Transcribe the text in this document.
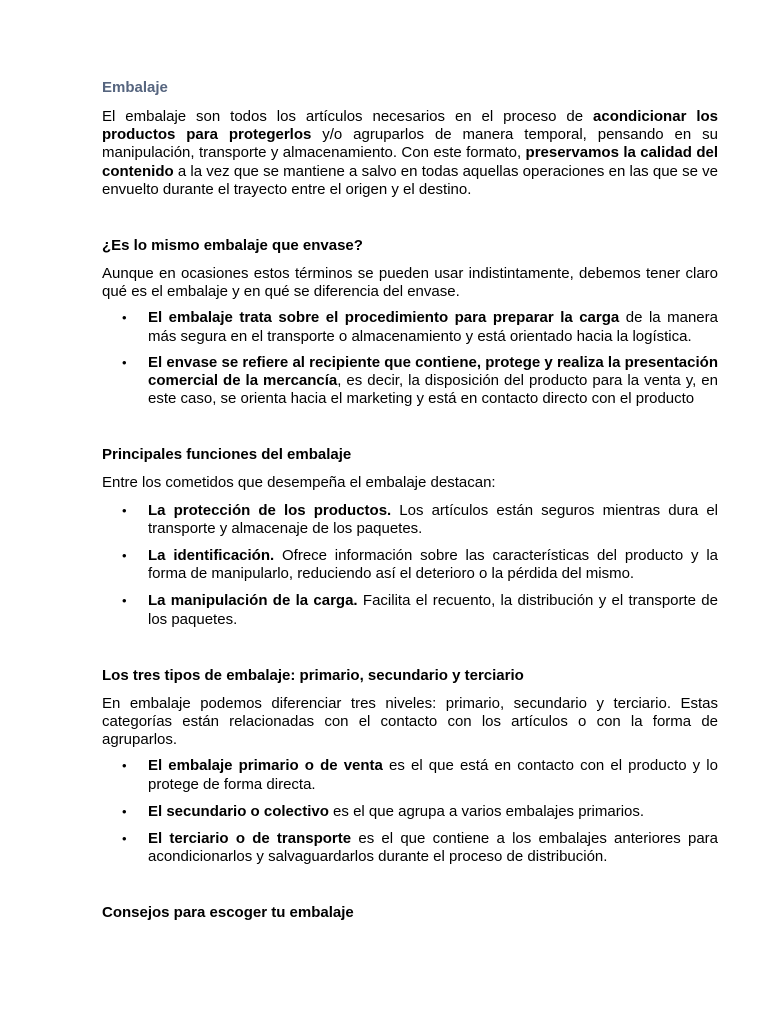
Embalaje

El embalaje son todos los artículos necesarios en el proceso de acondicionar los productos para protegerlos y/o agruparlos de manera temporal, pensando en su manipulación, transporte y almacenamiento. Con este formato, preservamos la calidad del contenido a la vez que se mantiene a salvo en todas aquellas operaciones en las que se ve envuelto durante el trayecto entre el origen y el destino.

¿Es lo mismo embalaje que envase?

Aunque en ocasiones estos términos se pueden usar indistintamente, debemos tener claro qué es el embalaje y en qué se diferencia del envase.

• El embalaje trata sobre el procedimiento para preparar la carga de la manera más segura en el transporte o almacenamiento y está orientado hacia la logística.
• El envase se refiere al recipiente que contiene, protege y realiza la presentación comercial de la mercancía, es decir, la disposición del producto para la venta y, en este caso, se orienta hacia el marketing y está en contacto directo con el producto
Principales funciones del embalaje

Entre los cometidos que desempeña el embalaje destacan:

• La protección de los productos. Los artículos están seguros mientras dura el transporte y almacenaje de los paquetes.
• La identificación. Ofrece información sobre las características del producto y la forma de manipularlo, reduciendo así el deterioro o la pérdida del mismo.
• La manipulación de la carga. Facilita el recuento, la distribución y el transporte de los paquetes.
Los tres tipos de embalaje: primario, secundario y terciario

En embalaje podemos diferenciar tres niveles: primario, secundario y terciario. Estas categorías están relacionadas con el contacto con los artículos o con la forma de agruparlos.

• El embalaje primario o de venta es el que está en contacto con el producto y lo protege de forma directa.
• El secundario o colectivo es el que agrupa a varios embalajes primarios.
• El terciario o de transporte es el que contiene a los embalajes anteriores para acondicionarlos y salvaguardarlos durante el proceso de distribución.
Consejos para escoger tu embalaje
